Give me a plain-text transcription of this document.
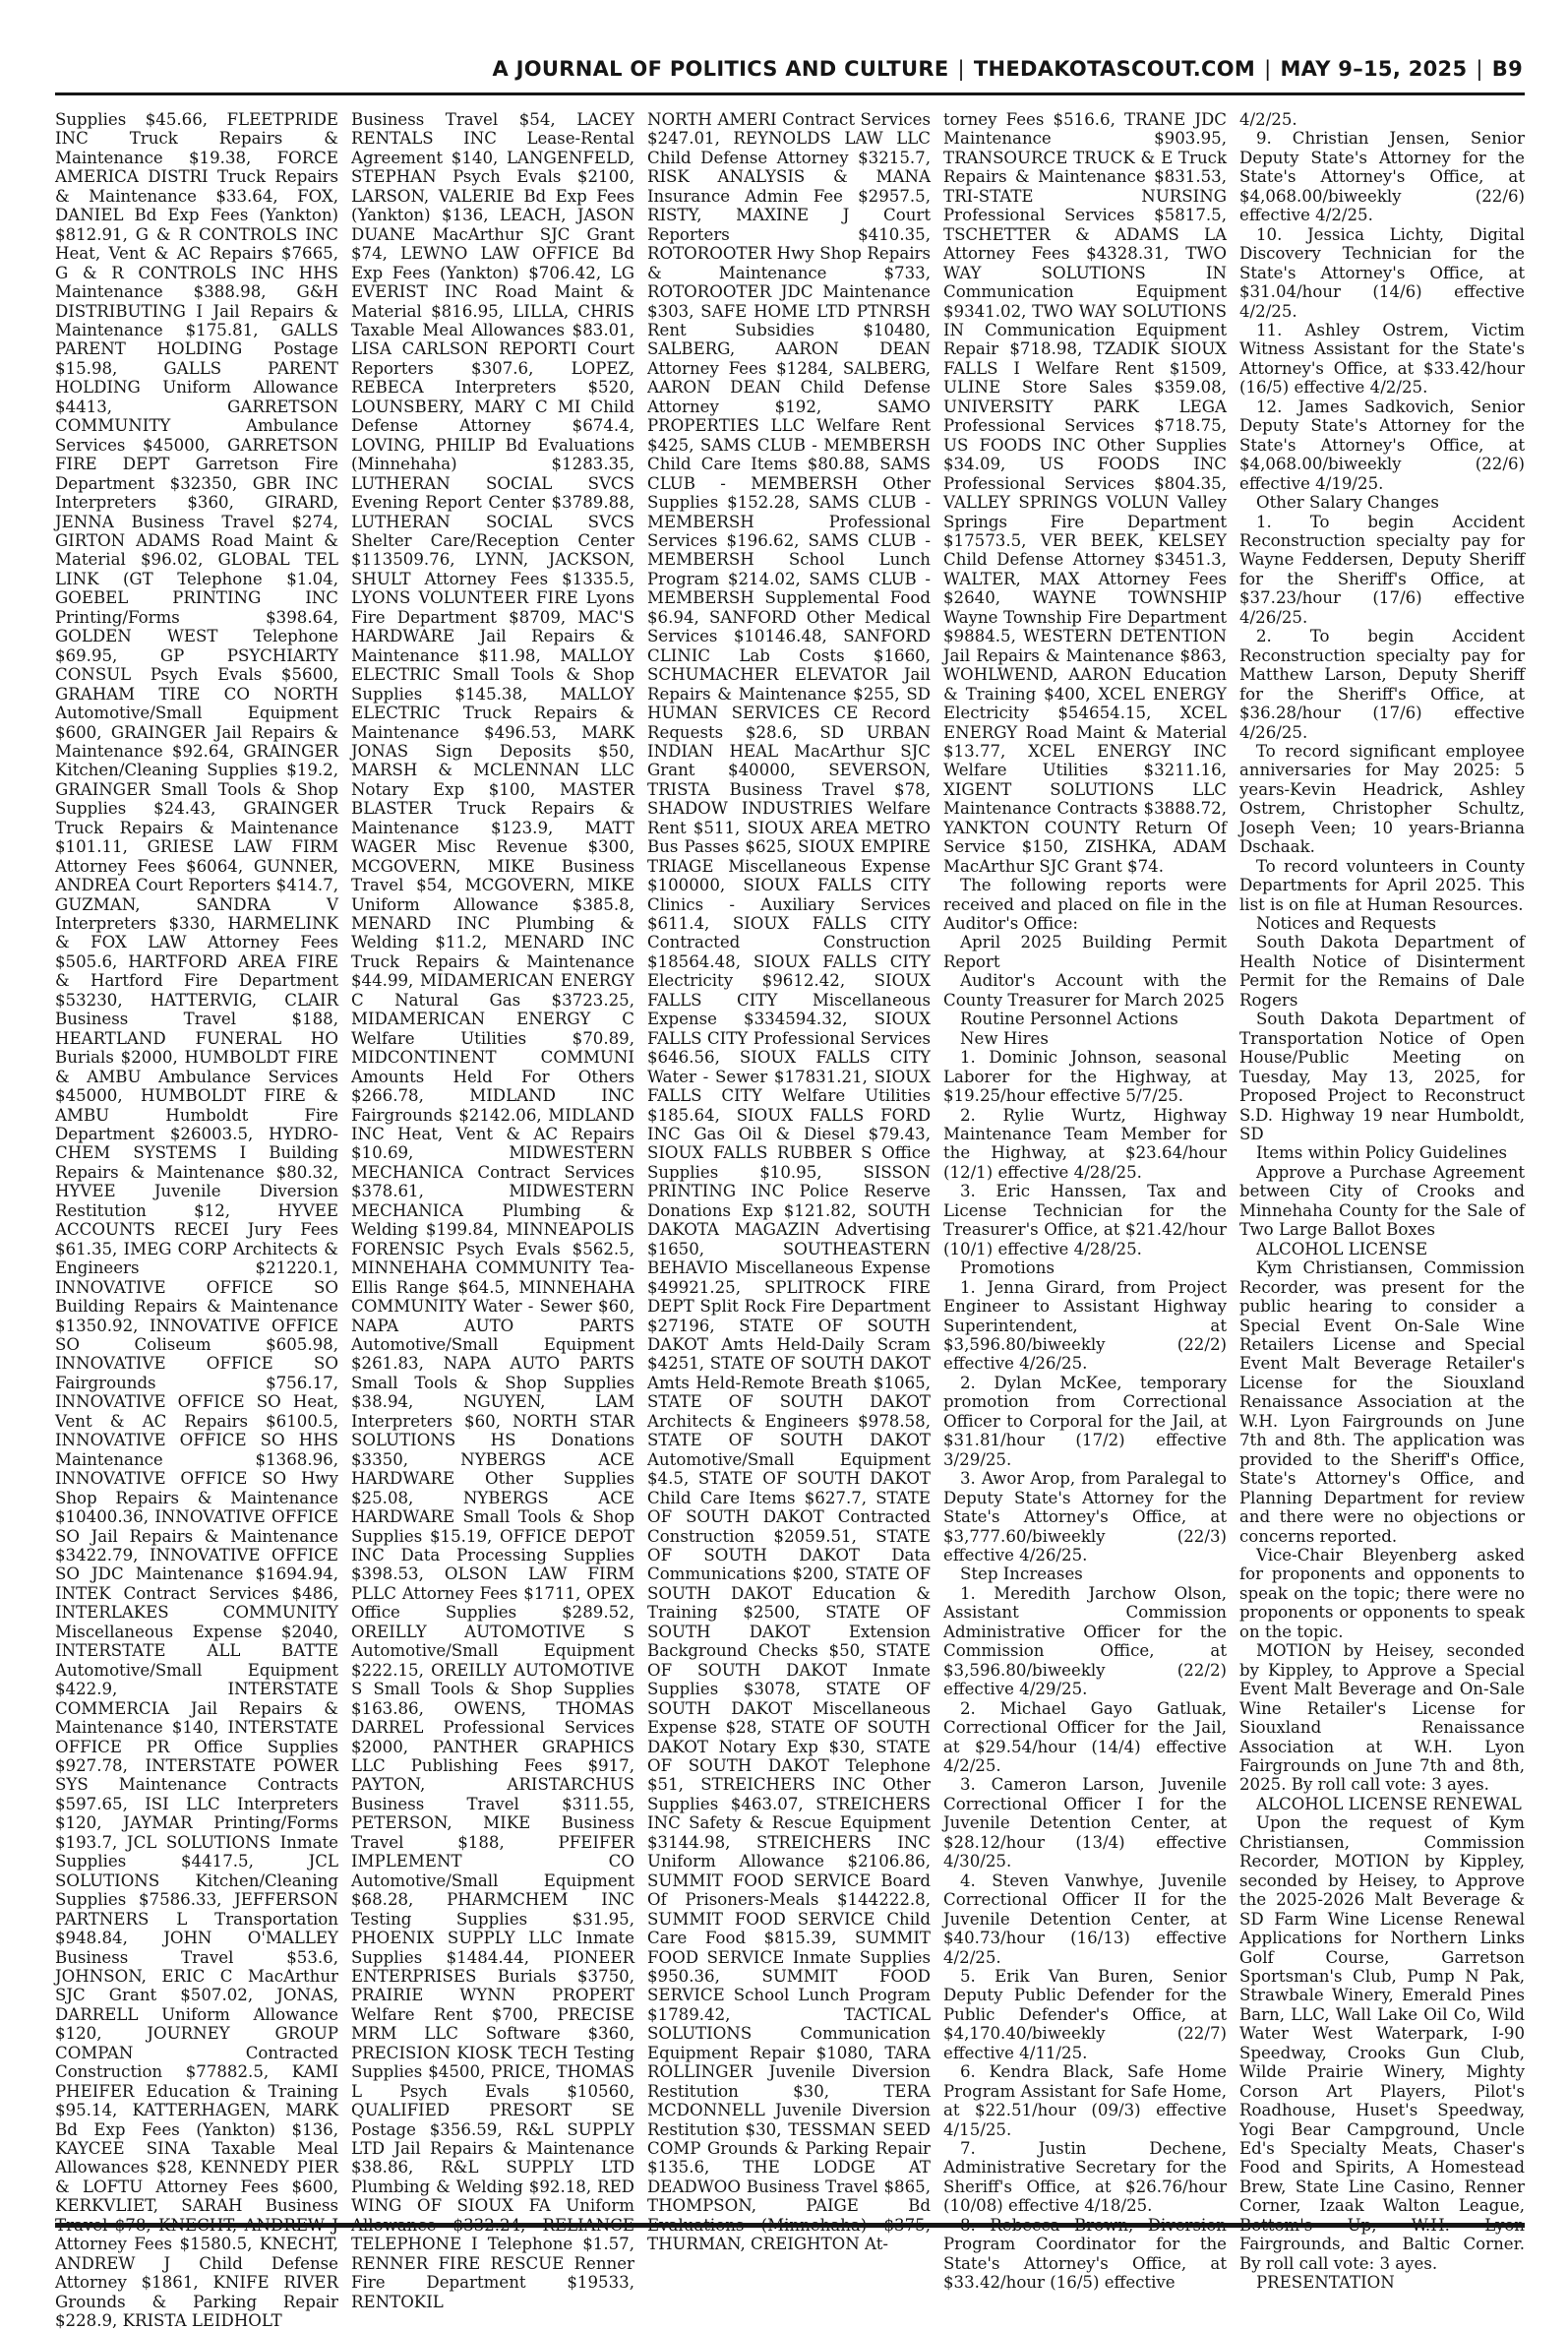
A JOURNAL OF POLITICS AND CULTURE | THEDAKOTASCOUT.COM | MAY 9–15, 2025 | B9

Supplies $45.66, FLEETPRIDE INC Truck Repairs & Maintenance $19.38, FORCE AMERICA DISTRI Truck Repairs & Maintenance $33.64, FOX, DANIEL Bd Exp Fees (Yankton) $812.91, G & R CONTROLS INC Heat, Vent & AC Repairs $7665, G & R CONTROLS INC HHS Maintenance $388.98, G&H DISTRIBUTING I Jail Repairs & Maintenance $175.81, GALLS PARENT HOLDING Postage $15.98, GALLS PARENT HOLDING Uniform Allowance $4413, GARRETSON COMMUNITY Ambulance Services $45000, GARRETSON FIRE DEPT Garretson Fire Department $32350, GBR INC Interpreters $360, GIRARD, JENNA Business Travel $274, GIRTON ADAMS Road Maint & Material $96.02, GLOBAL TEL LINK (GT Telephone $1.04, GOEBEL PRINTING INC Printing/Forms $398.64, GOLDEN WEST Telephone $69.95, GP PSYCHIARTY CONSUL Psych Evals $5600, GRAHAM TIRE CO NORTH Automotive/Small Equipment $600, GRAINGER Jail Repairs & Maintenance $92.64, GRAINGER Kitchen/Cleaning Supplies $19.2, GRAINGER Small Tools & Shop Supplies $24.43, GRAINGER Truck Repairs & Maintenance $101.11, GRIESE LAW FIRM Attorney Fees $6064, GUNNER, ANDREA Court Reporters $414.7, GUZMAN, SANDRA V Interpreters $330, HARMELINK & FOX LAW Attorney Fees $505.6, HARTFORD AREA FIRE & Hartford Fire Department $53230, HATTERVIG, CLAIR Business Travel $188, HEARTLAND FUNERAL HO Burials $2000, HUMBOLDT FIRE & AMBU Ambulance Services $45000, HUMBOLDT FIRE & AMBU Humboldt Fire Department $26003.5, HYDRO-CHEM SYSTEMS I Building Repairs & Maintenance $80.32, HYVEE Juvenile Diversion Restitution $12, HYVEE ACCOUNTS RECEI Jury Fees $61.35, IMEG CORP Architects & Engineers $21220.1, INNOVATIVE OFFICE SO Building Repairs & Maintenance $1350.92, INNOVATIVE OFFICE SO Coliseum $605.98, INNOVATIVE OFFICE SO Fairgrounds $756.17, INNOVATIVE OFFICE SO Heat, Vent & AC Repairs $6100.5, INNOVATIVE OFFICE SO HHS Maintenance $1368.96, INNOVATIVE OFFICE SO Hwy Shop Repairs & Maintenance $10400.36, INNOVATIVE OFFICE SO Jail Repairs & Maintenance $3422.79, INNOVATIVE OFFICE SO JDC Maintenance $1694.94, INTEK Contract Services $486, INTERLAKES COMMUNITY Miscellaneous Expense $2040, INTERSTATE ALL BATTE Automotive/Small Equipment $422.9, INTERSTATE COMMERCIA Jail Repairs & Maintenance $140, INTERSTATE OFFICE PR Office Supplies $927.78, INTERSTATE POWER SYS Maintenance Contracts $597.65, ISI LLC Interpreters $120, JAYMAR Printing/Forms $193.7, JCL SOLUTIONS Inmate Supplies $4417.5, JCL SOLUTIONS Kitchen/Cleaning Supplies $7586.33, JEFFERSON PARTNERS L Transportation $948.84, JOHN O'MALLEY Business Travel $53.6, JOHNSON, ERIC C MacArthur SJC Grant $507.02, JONAS, DARRELL Uniform Allowance $120, JOURNEY GROUP COMPAN Contracted Construction $77882.5, KAMI PHEIFER Education & Training $95.14, KATTERHAGEN, MARK Bd Exp Fees (Yankton) $136, KAYCEE SINA Taxable Meal Allowances $28, KENNEDY PIER & LOFTU Attorney Fees $600, KERKVLIET, SARAH Business Attorney Fees $1580.5, KNECHT, ANDREW J Child Defense Attorney $1861, KNIFE RIVER Grounds & Parking Repair $228.9, KRISTA LEIDHOLT

Business Travel $54, LACEY RENTALS INC Lease-Rental Agreement $140, LANGENFELD, STEPHAN Psych Evals $2100, LARSON, VALERIE Bd Exp Fees (Yankton) $136, LEACH, JASON DUANE MacArthur SJC Grant $74, LEWNO LAW OFFICE Bd Exp Fees (Yankton) $706.42, LG EVERIST INC Road Maint & Material $816.95, LILLA, CHRIS Taxable Meal Allowances $83.01, LISA CARLSON REPORTI Court Reporters $307.6, LOPEZ, REBECA Interpreters $520, LOUNSBERY, MARY C MI Child Defense Attorney $674.4, LOVING, PHILIP Bd Evaluations (Minnehaha) $1283.35, LUTHERAN SOCIAL SVCS Evening Report Center $3789.88, LUTHERAN SOCIAL SVCS Shelter Care/Reception Center $113509.76, LYNN, JACKSON, SHULT Attorney Fees $1335.5, LYONS VOLUNTEER FIRE Lyons Fire Department $8709, MAC'S HARDWARE Jail Repairs & Maintenance $11.98, MALLOY ELECTRIC Small Tools & Shop Supplies $145.38, MALLOY ELECTRIC Truck Repairs & Maintenance $496.53, MARK JONAS Sign Deposits $50, MARSH & MCLENNAN LLC Notary Exp $100, MASTER BLASTER Truck Repairs & Maintenance $123.9, MATT WAGER Misc Revenue $300, MCGOVERN, MIKE Business Travel $54, MCGOVERN, MIKE Uniform Allowance $385.8, MENARD INC Plumbing & Welding $11.2, MENARD INC Truck Repairs & Maintenance $44.99, MIDAMERICAN ENERGY C Natural Gas $3723.25, MIDAMERICAN ENERGY C Welfare Utilities $70.89, MIDCONTINENT COMMUNI Amounts Held For Others $266.78, MIDLAND INC Fairgrounds $2142.06, MIDLAND INC Heat, Vent & AC Repairs $10.69, MIDWESTERN MECHANICA Contract Services $378.61, MIDWESTERN MECHANICA Plumbing & Welding $199.84, MINNEAPOLIS FORENSIC Psych Evals $562.5, MINNEHAHA COMMUNITY Tea-Ellis Range $64.5, MINNEHAHA COMMUNITY Water - Sewer $60, NAPA AUTO PARTS Automotive/Small Equipment $261.83, NAPA AUTO PARTS Small Tools & Shop Supplies $38.94, NGUYEN, LAM Interpreters $60, NORTH STAR SOLUTIONS HS Donations $3350, NYBERGS ACE HARDWARE Other Supplies $25.08, NYBERGS ACE HARDWARE Small Tools & Shop Supplies $15.19, OFFICE DEPOT INC Data Processing Supplies $398.53, OLSON LAW FIRM PLLC Attorney Fees $1711, OPEX Office Supplies $289.52, OREILLY AUTOMOTIVE S Automotive/Small Equipment $222.15, OREILLY AUTOMOTIVE S Small Tools & Shop Supplies $163.86, OWENS, THOMAS DARREL Professional Services $2000, PANTHER GRAPHICS LLC Publishing Fees $917, PAYTON, ARISTARCHUS Business Travel $311.55, PETERSON, MIKE Business Travel $188, PFEIFER IMPLEMENT CO Automotive/Small Equipment $68.28, PHARMCHEM INC Testing Supplies $31.95, PHOENIX SUPPLY LLC Inmate Supplies $1484.44, PIONEER ENTERPRISES Burials $3750, PRAIRIE WYNN PROPERT Welfare Rent $700, PRECISE MRM LLC Software $360, PRECISION KIOSK TECH Testing Supplies $4500, PRICE, THOMAS L Psych Evals $10560, QUALIFIED PRESORT SE Postage $356.59, R&L SUPPLY LTD Jail Repairs & Maintenance $38.86, R&L SUPPLY LTD Plumbing & Welding $92.18, RED WING OF SIOUX FA Uniform TELEPHONE I Telephone $1.57, RENNER FIRE RESCUE Renner Fire Department $19533, RENTOKIL

NORTH AMERI Contract Services $247.01, REYNOLDS LAW LLC Child Defense Attorney $3215.7, RISK ANALYSIS & MANA Insurance Admin Fee $2957.5, RISTY, MAXINE J Court Reporters $410.35, ROTOROOTER Hwy Shop Repairs & Maintenance $733, ROTOROOTER JDC Maintenance $303, SAFE HOME LTD PTNRSH Rent Subsidies $10480, SALBERG, AARON DEAN Attorney Fees $1284, SALBERG, AARON DEAN Child Defense Attorney $192, SAMO PROPERTIES LLC Welfare Rent $425, SAMS CLUB - MEMBERSH Child Care Items $80.88, SAMS CLUB - MEMBERSH Other Supplies $152.28, SAMS CLUB - MEMBERSH Professional Services $196.62, SAMS CLUB - MEMBERSH School Lunch Program $214.02, SAMS CLUB - MEMBERSH Supplemental Food $6.94, SANFORD Other Medical Services $10146.48, SANFORD CLINIC Lab Costs $1660, SCHUMACHER ELEVATOR Jail Repairs & Maintenance $255, SD HUMAN SERVICES CE Record Requests $28.6, SD URBAN INDIAN HEAL MacArthur SJC Grant $40000, SEVERSON, TRISTA Business Travel $78, SHADOW INDUSTRIES Welfare Rent $511, SIOUX AREA METRO Bus Passes $625, SIOUX EMPIRE TRIAGE Miscellaneous Expense $100000, SIOUX FALLS CITY Clinics - Auxiliary Services $611.4, SIOUX FALLS CITY Contracted Construction $18564.48, SIOUX FALLS CITY Electricity $9612.42, SIOUX FALLS CITY Miscellaneous Expense $334594.32, SIOUX FALLS CITY Professional Services $646.56, SIOUX FALLS CITY Water - Sewer $17831.21, SIOUX FALLS CITY Welfare Utilities $185.64, SIOUX FALLS FORD INC Gas Oil & Diesel $79.43, SIOUX FALLS RUBBER S Office Supplies $10.95, SISSON PRINTING INC Police Reserve Donations Exp $121.82, SOUTH DAKOTA MAGAZIN Advertising $1650, SOUTHEASTERN BEHAVIO Miscellaneous Expense $49921.25, SPLITROCK FIRE DEPT Split Rock Fire Department $27196, STATE OF SOUTH DAKOT Amts Held-Daily Scram $4251, STATE OF SOUTH DAKOT Amts Held-Remote Breath $1065, STATE OF SOUTH DAKOT Architects & Engineers $978.58, STATE OF SOUTH DAKOT Automotive/Small Equipment $4.5, STATE OF SOUTH DAKOT Child Care Items $627.7, STATE OF SOUTH DAKOT Contracted Construction $2059.51, STATE OF SOUTH DAKOT Data Communications $200, STATE OF SOUTH DAKOT Education & Training $2500, STATE OF SOUTH DAKOT Extension Background Checks $50, STATE OF SOUTH DAKOT Inmate Supplies $3078, STATE OF SOUTH DAKOT Miscellaneous Expense $28, STATE OF SOUTH DAKOT Notary Exp $30, STATE OF SOUTH DAKOT Telephone $51, STREICHERS INC Other Supplies $463.07, STREICHERS INC Safety & Rescue Equipment $3144.98, STREICHERS INC Uniform Allowance $2106.86, SUMMIT FOOD SERVICE Board Of Prisoners-Meals $144222.8, SUMMIT FOOD SERVICE Child Care Food $815.39, SUMMIT FOOD SERVICE Inmate Supplies $950.36, SUMMIT FOOD SERVICE School Lunch Program $1789.42, TACTICAL SOLUTIONS Communication Equipment Repair $1080, TARA ROLLINGER Juvenile Diversion Restitution $30, TERA MCDONNELL Juvenile Diversion Restitution $30, TESSMAN SEED COMP Grounds & Parking Repair $135.6, THE LODGE AT DEADWOO Business Travel $865, THOMPSON, PAIGE Bd THURMAN, CREIGHTON At-

torney Fees $516.6, TRANE JDC Maintenance $903.95, TRANSOURCE TRUCK & E Truck Repairs & Maintenance $831.53, TRI-STATE NURSING Professional Services $5817.5, TSCHETTER & ADAMS LA Attorney Fees $4328.31, TWO WAY SOLUTIONS IN Communication Equipment $9341.02, TWO WAY SOLUTIONS IN Communication Equipment Repair $718.98, TZADIK SIOUX FALLS I Welfare Rent $1509, ULINE Store Sales $359.08, UNIVERSITY PARK LEGA Professional Services $718.75, US FOODS INC Other Supplies $34.09, US FOODS INC Professional Services $804.35, VALLEY SPRINGS VOLUN Valley Springs Fire Department $17573.5, VER BEEK, KELSEY Child Defense Attorney $3451.3, WALTER, MAX Attorney Fees $2640, WAYNE TOWNSHIP Wayne Township Fire Department $9884.5, WESTERN DETENTION Jail Repairs & Maintenance $863, WOHLWEND, AARON Education & Training $400, XCEL ENERGY Electricity $54654.15, XCEL ENERGY Road Maint & Material $13.77, XCEL ENERGY INC Welfare Utilities $3211.16, XIGENT SOLUTIONS LLC Maintenance Contracts $3888.72, YANKTON COUNTY Return Of Service $150, ZISHKA, ADAM MacArthur SJC Grant $74.

The following reports were received and placed on file in the Auditor's Office:

April 2025 Building Permit Report

Auditor's Account with the County Treasurer for March 2025

Routine Personnel Actions

New Hires

1. Dominic Johnson, seasonal Laborer for the Highway, at $19.25/hour effective 5/7/25.

2. Rylie Wurtz, Highway Maintenance Team Member for the Highway, at $23.64/hour (12/1) effective 4/28/25.

3. Eric Hanssen, Tax and License Technician for the Treasurer's Office, at $21.42/hour (10/1) effective 4/28/25.

Promotions

1. Jenna Girard, from Project Engineer to Assistant Highway Superintendent, at $3,596.80/biweekly (22/2) effective 4/26/25.

2. Dylan McKee, temporary promotion from Correctional Officer to Corporal for the Jail, at $31.81/hour (17/2) effective 3/29/25.

3. Awor Arop, from Paralegal to Deputy State's Attorney for the State's Attorney's Office, at $3,777.60/biweekly (22/3) effective 4/26/25.

Step Increases

1. Meredith Jarchow Olson, Assistant Commission Administrative Officer for the Commission Office, at $3,596.80/biweekly (22/2) effective 4/29/25.

2. Michael Gayo Gatluak, Correctional Officer for the Jail, at $29.54/hour (14/4) effective 4/2/25.

3. Cameron Larson, Juvenile Correctional Officer I for the Juvenile Detention Center, at $28.12/hour (13/4) effective 4/30/25.

4. Steven Vanwhye, Juvenile Correctional Officer II for the Juvenile Detention Center, at $40.73/hour (16/13) effective 4/2/25.

5. Erik Van Buren, Senior Deputy Public Defender for the Public Defender's Office, at $4,170.40/biweekly (22/7) effective 4/11/25.

6. Kendra Black, Safe Home Program Assistant for Safe Home, at $22.51/hour (09/3) effective 4/15/25.

7. Justin Dechene, Administrative Secretary for the Sheriff's Office, at $26.76/hour (10/08) effective 4/18/25.

Program Coordinator for the State's Attorney's Office, at $33.42/hour (16/5) effective

4/2/25.

9. Christian Jensen, Senior Deputy State's Attorney for the State's Attorney's Office, at $4,068.00/biweekly (22/6) effective 4/2/25.

10. Jessica Lichty, Digital Discovery Technician for the State's Attorney's Office, at $31.04/hour (14/6) effective 4/2/25.

11. Ashley Ostrem, Victim Witness Assistant for the State's Attorney's Office, at $33.42/hour (16/5) effective 4/2/25.

12. James Sadkovich, Senior Deputy State's Attorney for the State's Attorney's Office, at $4,068.00/biweekly (22/6) effective 4/19/25.

Other Salary Changes

1. To begin Accident Reconstruction specialty pay for Wayne Feddersen, Deputy Sheriff for the Sheriff's Office, at $37.23/hour (17/6) effective 4/26/25.

2. To begin Accident Reconstruction specialty pay for Matthew Larson, Deputy Sheriff for the Sheriff's Office, at $36.28/hour (17/6) effective 4/26/25.

To record significant employee anniversaries for May 2025: 5 years-Kevin Headrick, Ashley Ostrem, Christopher Schultz, Joseph Veen; 10 years-Brianna Dschaak.

To record volunteers in County Departments for April 2025. This list is on file at Human Resources.

Notices and Requests

South Dakota Department of Health Notice of Disinterment Permit for the Remains of Dale Rogers

South Dakota Department of Transportation Notice of Open House/Public Meeting on Tuesday, May 13, 2025, for Proposed Project to Reconstruct S.D. Highway 19 near Humboldt, SD

Items within Policy Guidelines

Approve a Purchase Agreement between City of Crooks and Minnehaha County for the Sale of Two Large Ballot Boxes

ALCOHOL LICENSE

Kym Christiansen, Commission Recorder, was present for the public hearing to consider a Special Event On-Sale Wine Retailers License and Special Event Malt Beverage Retailer's License for the Siouxland Renaissance Association at the W.H. Lyon Fairgrounds on June 7th and 8th. The application was provided to the Sheriff's Office, State's Attorney's Office, and Planning Department for review and there were no objections or concerns reported.

Vice-Chair Bleyenberg asked for proponents and opponents to speak on the topic; there were no proponents or opponents to speak on the topic.

MOTION by Heisey, seconded by Kippley, to Approve a Special Event Malt Beverage and On-Sale Wine Retailer's License for Siouxland Renaissance Association at W.H. Lyon Fairgrounds on June 7th and 8th, 2025. By roll call vote: 3 ayes.

ALCOHOL LICENSE RENEWAL

Upon the request of Kym Christiansen, Commission Recorder, MOTION by Kippley, seconded by Heisey, to Approve the 2025-2026 Malt Beverage & SD Farm Wine License Renewal Applications for Northern Links Golf Course, Garretson Sportsman's Club, Pump N Pak, Strawbale Winery, Emerald Pines Barn, LLC, Wall Lake Oil Co, Wild Water West Waterpark, I-90 Speedway, Crooks Gun Club, Wilde Prairie Winery, Mighty Corson Art Players, Pilot's Roadhouse, Huset's Speedway, Yogi Bear Campground, Uncle Ed's Specialty Meats, Chaser's Food and Spirits, A Homestead Brew, State Line Casino, Renner Corner, Izaak Walton League, Fairgrounds, and Baltic Corner. By roll call vote: 3 ayes.

PRESENTATION
